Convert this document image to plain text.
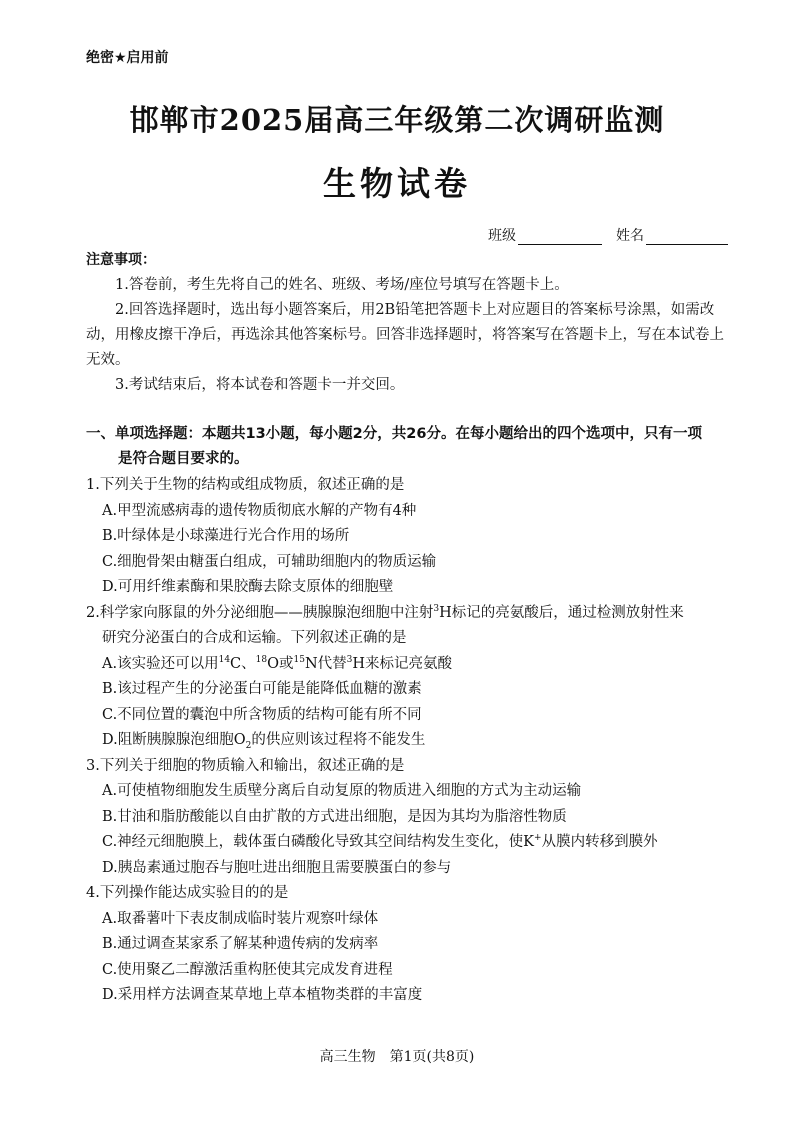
绝密★启用前
邯郸市2025届高三年级第二次调研监测
生物试卷
班级	姓名
注意事项：

1.答卷前，考生先将自己的姓名、班级、考场/座位号填写在答题卡上。

2.回答选择题时，选出每小题答案后，用2B铅笔把答题卡上对应题目的答案标号涂黑，如需改动，用橡皮擦干净后，再选涂其他答案标号。回答非选择题时，将答案写在答题卡上，写在本试卷上无效。

3.考试结束后，将本试卷和答题卡一并交回。

一、单项选择题：本题共13小题，每小题2分，共26分。在每小题给出的四个选项中，只有一项
是符合题目要求的。
1.下列关于生物的结构或组成物质，叙述正确的是
A.甲型流感病毒的遗传物质彻底水解的产物有4种
B.叶绿体是小球藻进行光合作用的场所
C.细胞骨架由糖蛋白组成，可辅助细胞内的物质运输
D.可用纤维素酶和果胶酶去除支原体的细胞壁
2.科学家向豚鼠的外分泌细胞——胰腺腺泡细胞中注射$^3$H标记的亮氨酸后，通过检测放射性来
研究分泌蛋白的合成和运输。下列叙述正确的是
A.该实验还可以用$^{14}$C、$^{18}$O或$^{15}$N代替$^3$H来标记亮氨酸
B.该过程产生的分泌蛋白可能是能降低血糖的激素
C.不同位置的囊泡中所含物质的结构可能有所不同
D.阻断胰腺腺泡细胞$O_2$的供应则该过程将不能发生
3.下列关于细胞的物质输入和输出，叙述正确的是
A.可使植物细胞发生质壁分离后自动复原的物质进入细胞的方式为主动运输
B.甘油和脂肪酸能以自由扩散的方式进出细胞，是因为其均为脂溶性物质
C.神经元细胞膜上，载体蛋白磷酸化导致其空间结构发生变化，使K+从膜内转移到膜外
D.胰岛素通过胞吞与胞吐进出细胞且需要膜蛋白的参与
4.下列操作能达成实验目的的是
A.取番薯叶下表皮制成临时装片观察叶绿体
B.通过调查某家系了解某种遗传病的发病率
C.使用聚乙二醇激活重构胚使其完成发育进程
D.采用样方法调查某草地上草本植物类群的丰富度
高三生物　第1页(共8页)
